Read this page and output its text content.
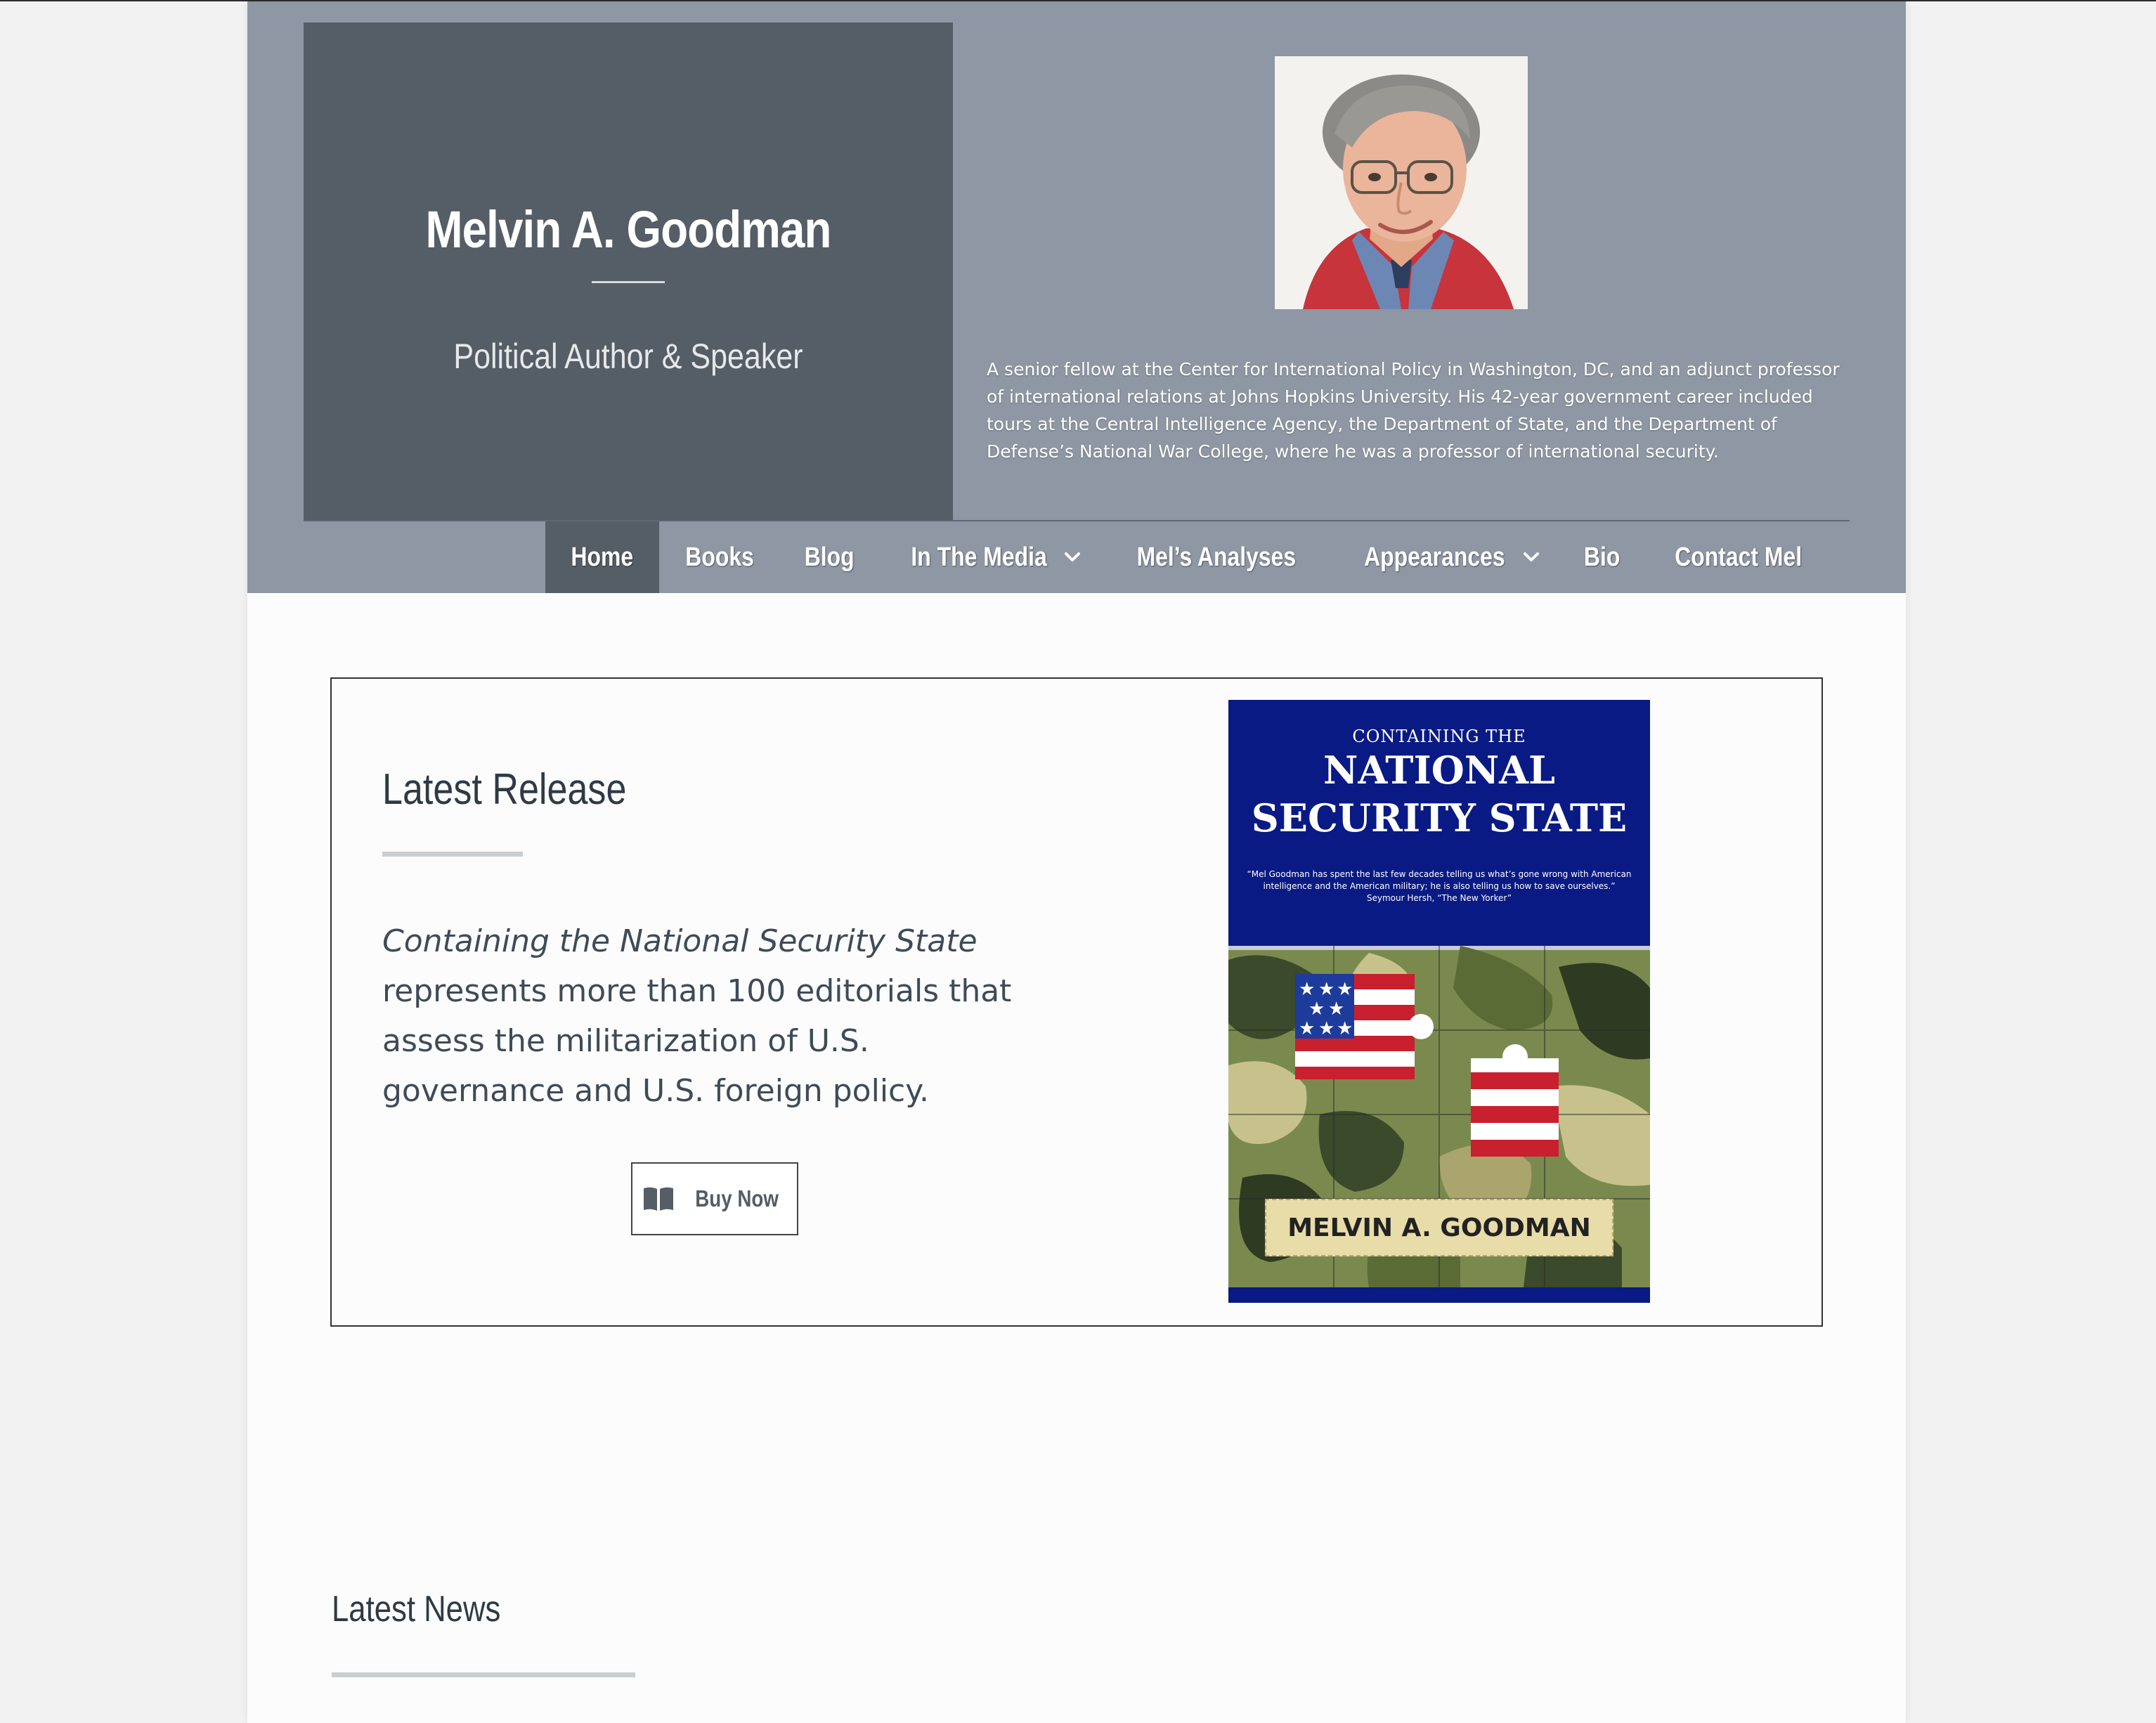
Melvin A. Goodman
Political Author & Speaker	A senior fellow at the Center for International Policy in Washington, DC, and an adjunct professor of international relations at Johns Hopkins University. His 42-year government career included tours at the Central Intelligence Agency, the Department of State, and the Department of Defense’s National War College, where he was a professor of international security.

Home Books Blog In The Media	Mel’s Analyses	Appearances	Bio Contact Mel
Latest Release

Containing the National Security State represents more than 100 editorials that assess the militarization of U.S. governance and U.S. foreign policy.

Buy Now
CONTAINING THE
NATIONAL
SECURITY STATE
“Mel Goodman has spent the last few decades telling us what’s gone wrong with American
intelligence and the American military; he is also telling us how to save ourselves.”
Seymour Hersh, “The New Yorker”
★ ★ ★
★ ★
★ ★ ★
MELVIN A. GOODMAN
Latest News
